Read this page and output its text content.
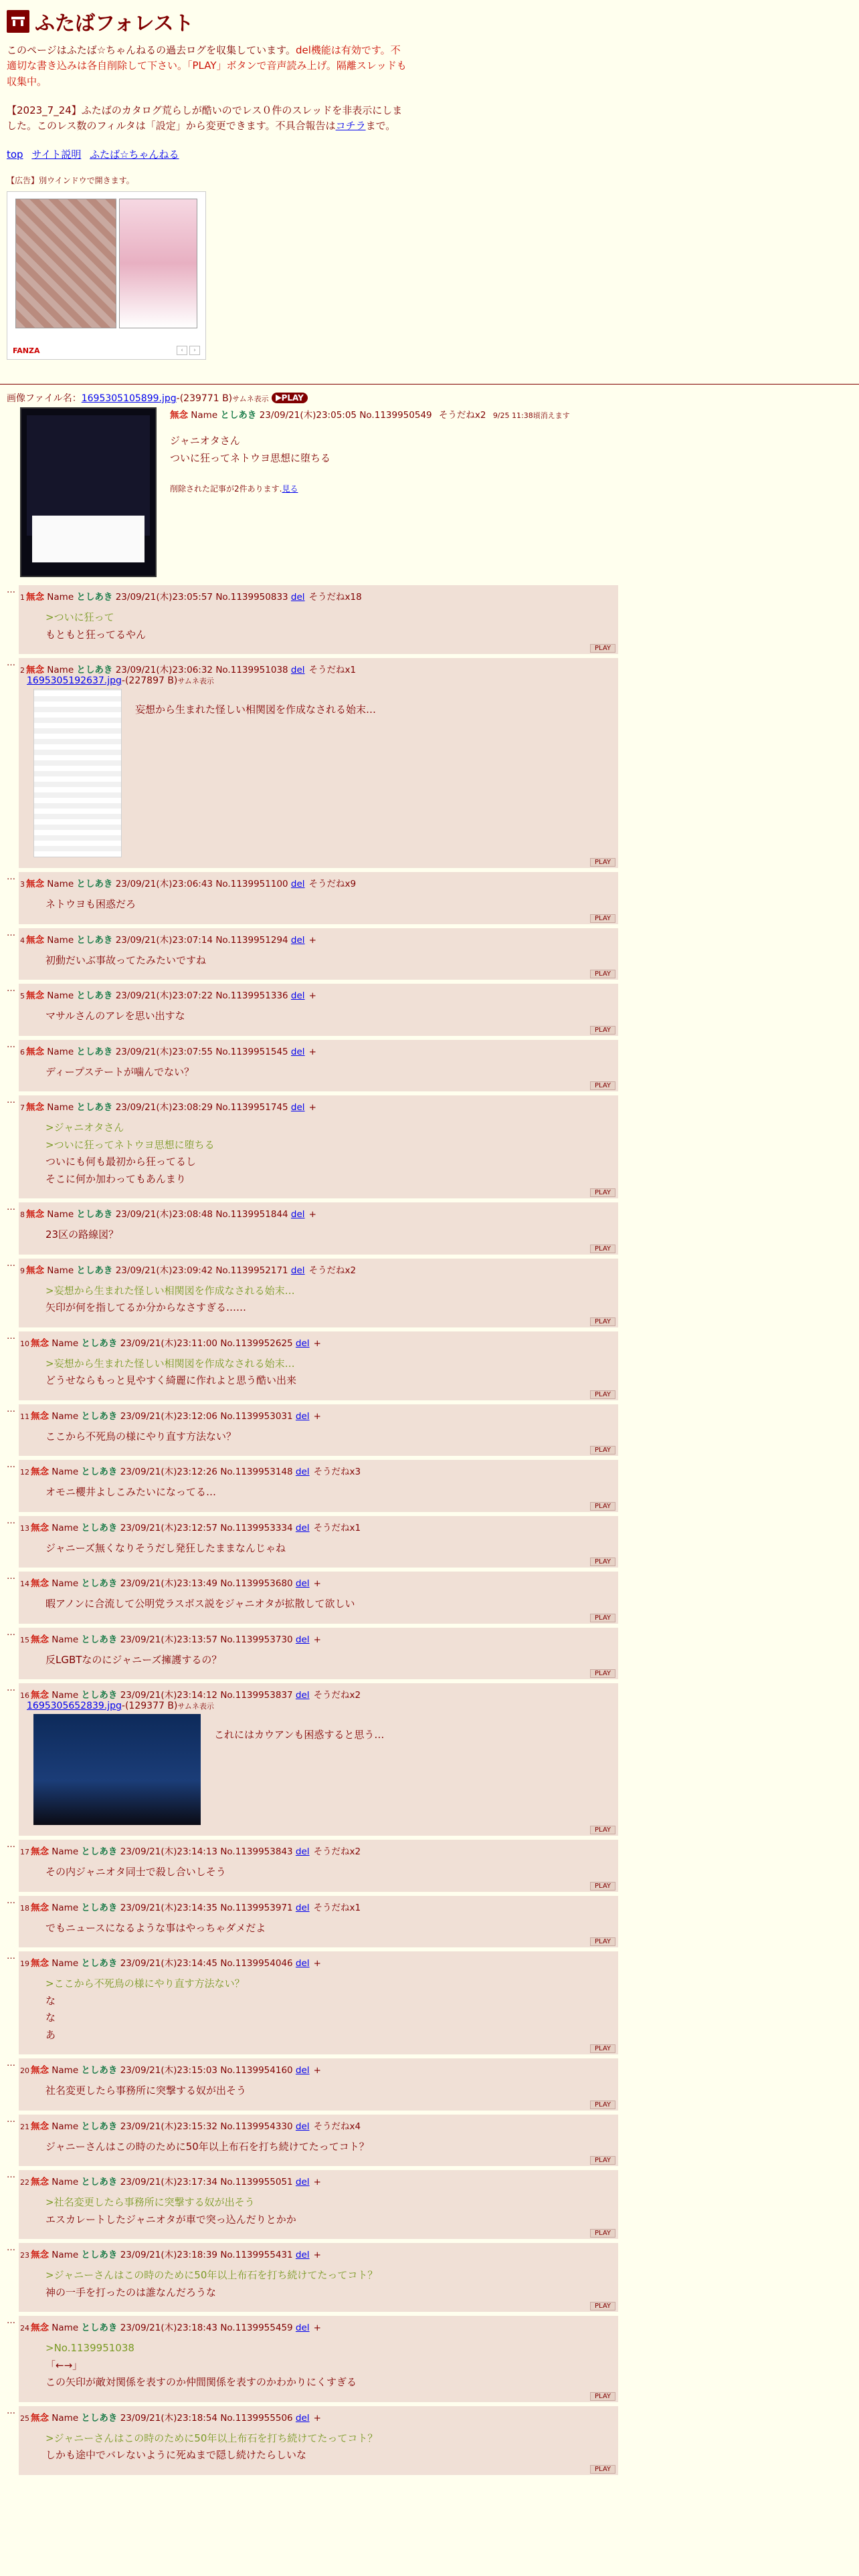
ふたばフォレスト

このページはふたば☆ちゃんねるの過去ログを収集しています。del機能は有効です。不適切な書き込みは各自削除して下さい。「PLAY」ボタンで音声読み上げ。隔離スレッドも収集中。

【2023_7_24】ふたばのカタログ荒らしが酷いのでレス０件のスレッドを非表示にしました。このレス数のフィルタは「設定」から変更できます。不具合報告はコチラまで。

top サイト説明 ふたば☆ちゃんねる
【広告】別ウインドウで開きます。
FANZA	‹	›
画像ファイル名：1695305105899.jpg-(239771 B)サムネ表示 PLAY
無念 Name としあき 23/09/21(木)23:05:05 No.1139950549 そうだねx2 9/25 11:38頃消えます
ジャニオタさん
ついに狂ってネトウヨ思想に堕ちる
削除された記事が2件あります.見る
…
1 無念 Name としあき 23/09/21(木)23:05:57 No.1139950833 del そうだねx18
>ついに狂って
もともと狂ってるやん
PLAY
…
2 無念 Name としあき 23/09/21(木)23:06:32 No.1139951038 del そうだねx1
1695305192637.jpg-(227897 B)サムネ表示
妄想から生まれた怪しい相関図を作成なされる始末…
PLAY
…
3 無念 Name としあき 23/09/21(木)23:06:43 No.1139951100 del そうだねx9
ネトウヨも困惑だろ
PLAY
…
4 無念 Name としあき 23/09/21(木)23:07:14 No.1139951294 del +
初動だいぶ事故ってたみたいですね
PLAY
…
5 無念 Name としあき 23/09/21(木)23:07:22 No.1139951336 del +
マサルさんのアレを思い出すな
PLAY
…
6 無念 Name としあき 23/09/21(木)23:07:55 No.1139951545 del +
ディープステートが噛んでない？
PLAY
…
7 無念 Name としあき 23/09/21(木)23:08:29 No.1139951745 del +
>ジャニオタさん
>ついに狂ってネトウヨ思想に堕ちる
ついにも何も最初から狂ってるし
そこに何か加わってもあんまり
PLAY
…
8 無念 Name としあき 23/09/21(木)23:08:48 No.1139951844 del +
23区の路線図？
PLAY
…
9 無念 Name としあき 23/09/21(木)23:09:42 No.1139952171 del そうだねx2
>妄想から生まれた怪しい相関図を作成なされる始末…
矢印が何を指してるか分からなさすぎる……
PLAY
…
10 無念 Name としあき 23/09/21(木)23:11:00 No.1139952625 del +
>妄想から生まれた怪しい相関図を作成なされる始末…
どうせならもっと見やすく綺麗に作れよと思う酷い出来
PLAY
…
11 無念 Name としあき 23/09/21(木)23:12:06 No.1139953031 del +
ここから不死鳥の様にやり直す方法ない？
PLAY
…
12 無念 Name としあき 23/09/21(木)23:12:26 No.1139953148 del そうだねx3
オモニ櫻井よしこみたいになってる…
PLAY
…
13 無念 Name としあき 23/09/21(木)23:12:57 No.1139953334 del そうだねx1
ジャニーズ無くなりそうだし発狂したままなんじゃね
PLAY
…
14 無念 Name としあき 23/09/21(木)23:13:49 No.1139953680 del +
暇アノンに合流して公明党ラスボス説をジャニオタが拡散して欲しい
PLAY
…
15 無念 Name としあき 23/09/21(木)23:13:57 No.1139953730 del +
反LGBTなのにジャニーズ擁護するの？
PLAY
…
16 無念 Name としあき 23/09/21(木)23:14:12 No.1139953837 del そうだねx2
1695305652839.jpg-(129377 B)サムネ表示
これにはカウアンも困惑すると思う…
PLAY
…
17 無念 Name としあき 23/09/21(木)23:14:13 No.1139953843 del そうだねx2
その内ジャニオタ同士で殺し合いしそう
PLAY
…
18 無念 Name としあき 23/09/21(木)23:14:35 No.1139953971 del そうだねx1
でもニュースになるような事はやっちゃダメだよ
PLAY
…
19 無念 Name としあき 23/09/21(木)23:14:45 No.1139954046 del +
>ここから不死鳥の様にやり直す方法ない？
な
な
あ
PLAY
…
20 無念 Name としあき 23/09/21(木)23:15:03 No.1139954160 del +
社名変更したら事務所に突撃する奴が出そう
PLAY
…
21 無念 Name としあき 23/09/21(木)23:15:32 No.1139954330 del そうだねx4
ジャニーさんはこの時のために50年以上布石を打ち続けてたってコト？
PLAY
…
22 無念 Name としあき 23/09/21(木)23:17:34 No.1139955051 del +
>社名変更したら事務所に突撃する奴が出そう
エスカレートしたジャニオタが車で突っ込んだりとかか
PLAY
…
23 無念 Name としあき 23/09/21(木)23:18:39 No.1139955431 del +
>ジャニーさんはこの時のために50年以上布石を打ち続けてたってコト？
神の一手を打ったのは誰なんだろうな
PLAY
…
24 無念 Name としあき 23/09/21(木)23:18:43 No.1139955459 del +
>No.1139951038
「←→」
この矢印が敵対関係を表すのか仲間関係を表すのかわかりにくすぎる
PLAY
…
25 無念 Name としあき 23/09/21(木)23:18:54 No.1139955506 del +
>ジャニーさんはこの時のために50年以上布石を打ち続けてたってコト？
しかも途中でバレないように死ぬまで隠し続けたらしいな
PLAY
